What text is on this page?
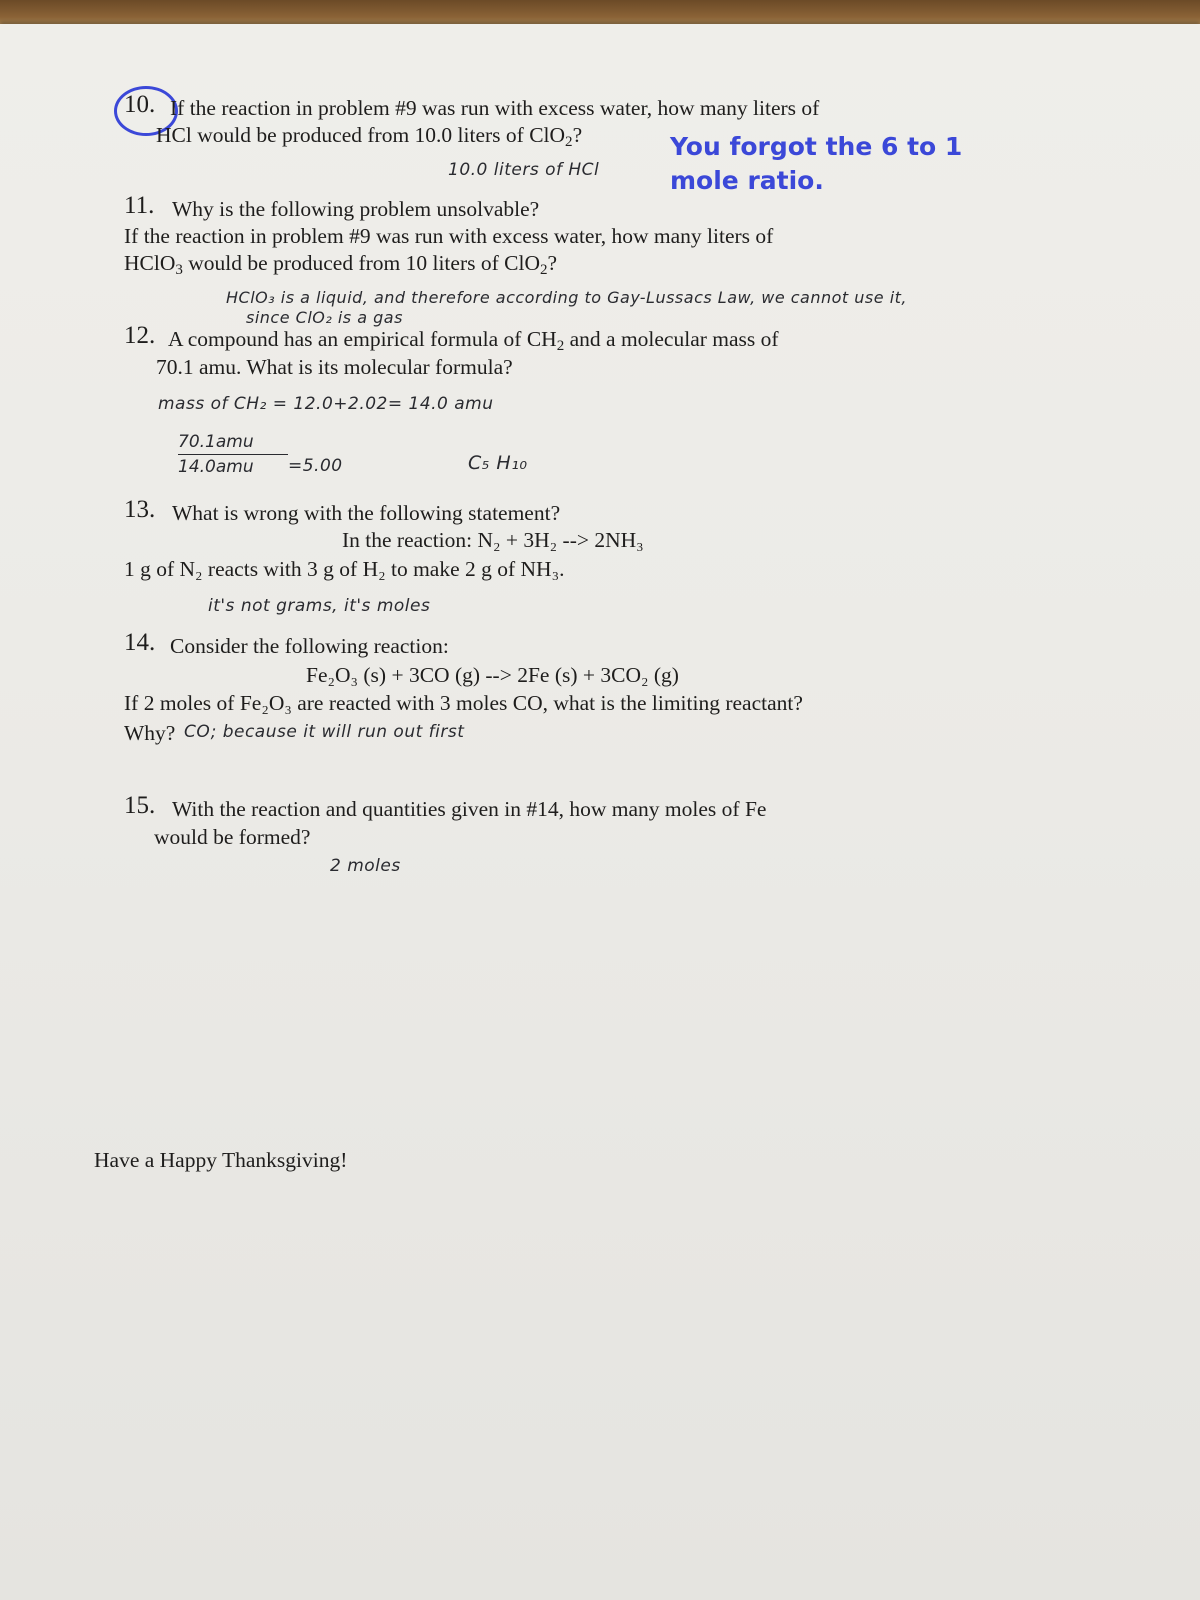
10. If the reaction in problem #9 was run with excess water, how many liters of
HCl would be produced from 10.0 liters of ClO$_2$?
10.0 liters of HCl
You forgot the 6 to 1
mole ratio.
11. Why is the following problem unsolvable?
If the reaction in problem #9 was run with excess water, how many liters of
HClO$_3$ would be produced from 10 liters of ClO$_2$?
HClO₃ is a liquid, and therefore according to Gay-Lussacs Law, we cannot use it,
since ClO₂ is a gas
12. A compound has an empirical formula of $CH_2$ and a molecular mass of
70.1 amu. What is its molecular formula?
mass of CH₂ = 12.0+2.02= 14.0 amu
70.1amu
14.0amu	=5.00	C₅ H₁₀
13. What is wrong with the following statement?
In the reaction: N₂ + 3H₂ --> 2NH₃
1 g of N₂ reacts with 3 g of H₂ to make 2 g of NH₃.
it's not grams, it's moles
14. Consider the following reaction:
Fe₂O₃ (s) + 3CO (g) --> 2Fe (s) + 3CO₂ (g)
If 2 moles of Fe₂O₃ are reacted with 3 moles CO, what is the limiting reactant?
Why? CO; because it will run out first
15. With the reaction and quantities given in #14, how many moles of Fe
would be formed?
2 moles
Have a Happy Thanksgiving!
